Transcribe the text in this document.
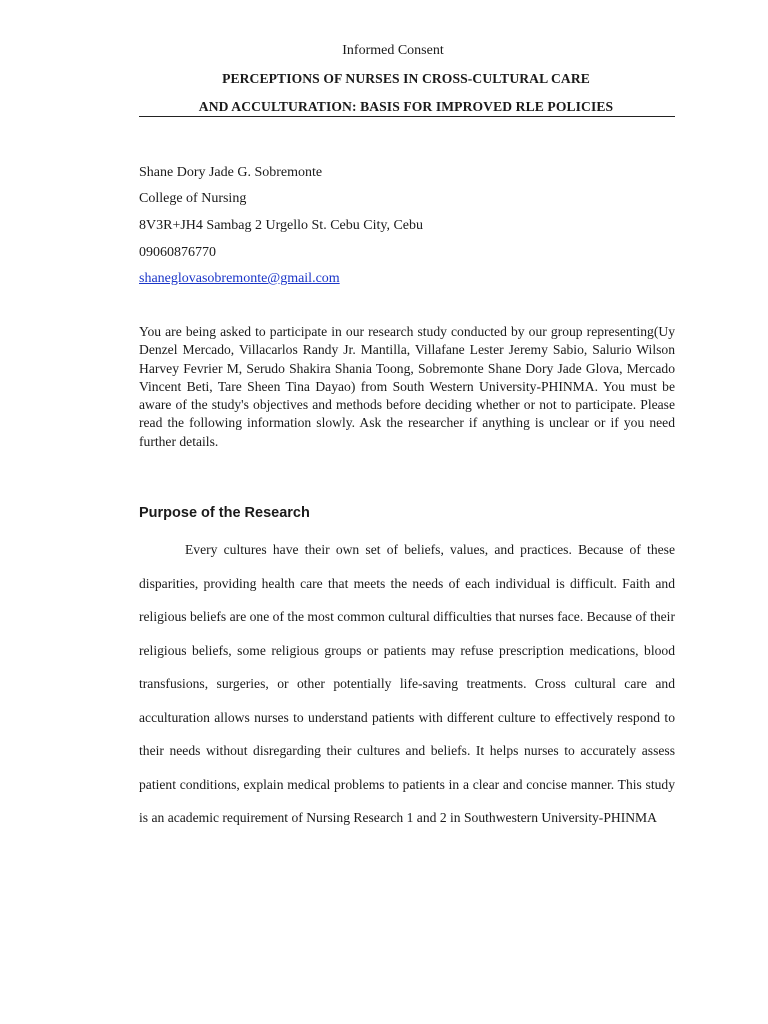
Informed Consent
PERCEPTIONS OF NURSES IN CROSS-CULTURAL CARE
AND ACCULTURATION: BASIS FOR IMPROVED RLE POLICIES
Shane Dory Jade G. Sobremonte
College of Nursing
8V3R+JH4 Sambag 2 Urgello St. Cebu City, Cebu
09060876770
shaneglovasobremonte@gmail.com

You are being asked to participate in our research study conducted by our group representing(Uy Denzel Mercado, Villacarlos Randy Jr. Mantilla, Villafane Lester Jeremy Sabio, Salurio Wilson Harvey Fevrier M, Serudo Shakira Shania Toong, Sobremonte Shane Dory Jade Glova, Mercado Vincent Beti, Tare Sheen Tina Dayao) from South Western University-PHINMA. You must be aware of the study's objectives and methods before deciding whether or not to participate. Please read the following information slowly. Ask the researcher if anything is unclear or if you need further details.

Purpose of the Research

Every cultures have their own set of beliefs, values, and practices. Because of these disparities, providing health care that meets the needs of each individual is difficult. Faith and religious beliefs are one of the most common cultural difficulties that nurses face. Because of their religious beliefs, some religious groups or patients may refuse prescription medications, blood transfusions, surgeries, or other potentially life-saving treatments. Cross cultural care and acculturation allows nurses to understand patients with different culture to effectively respond to their needs without disregarding their cultures and beliefs. It helps nurses to accurately assess patient conditions, explain medical problems to patients in a clear and concise manner. This study is an academic requirement of Nursing Research 1 and 2 in Southwestern University-PHINMA
